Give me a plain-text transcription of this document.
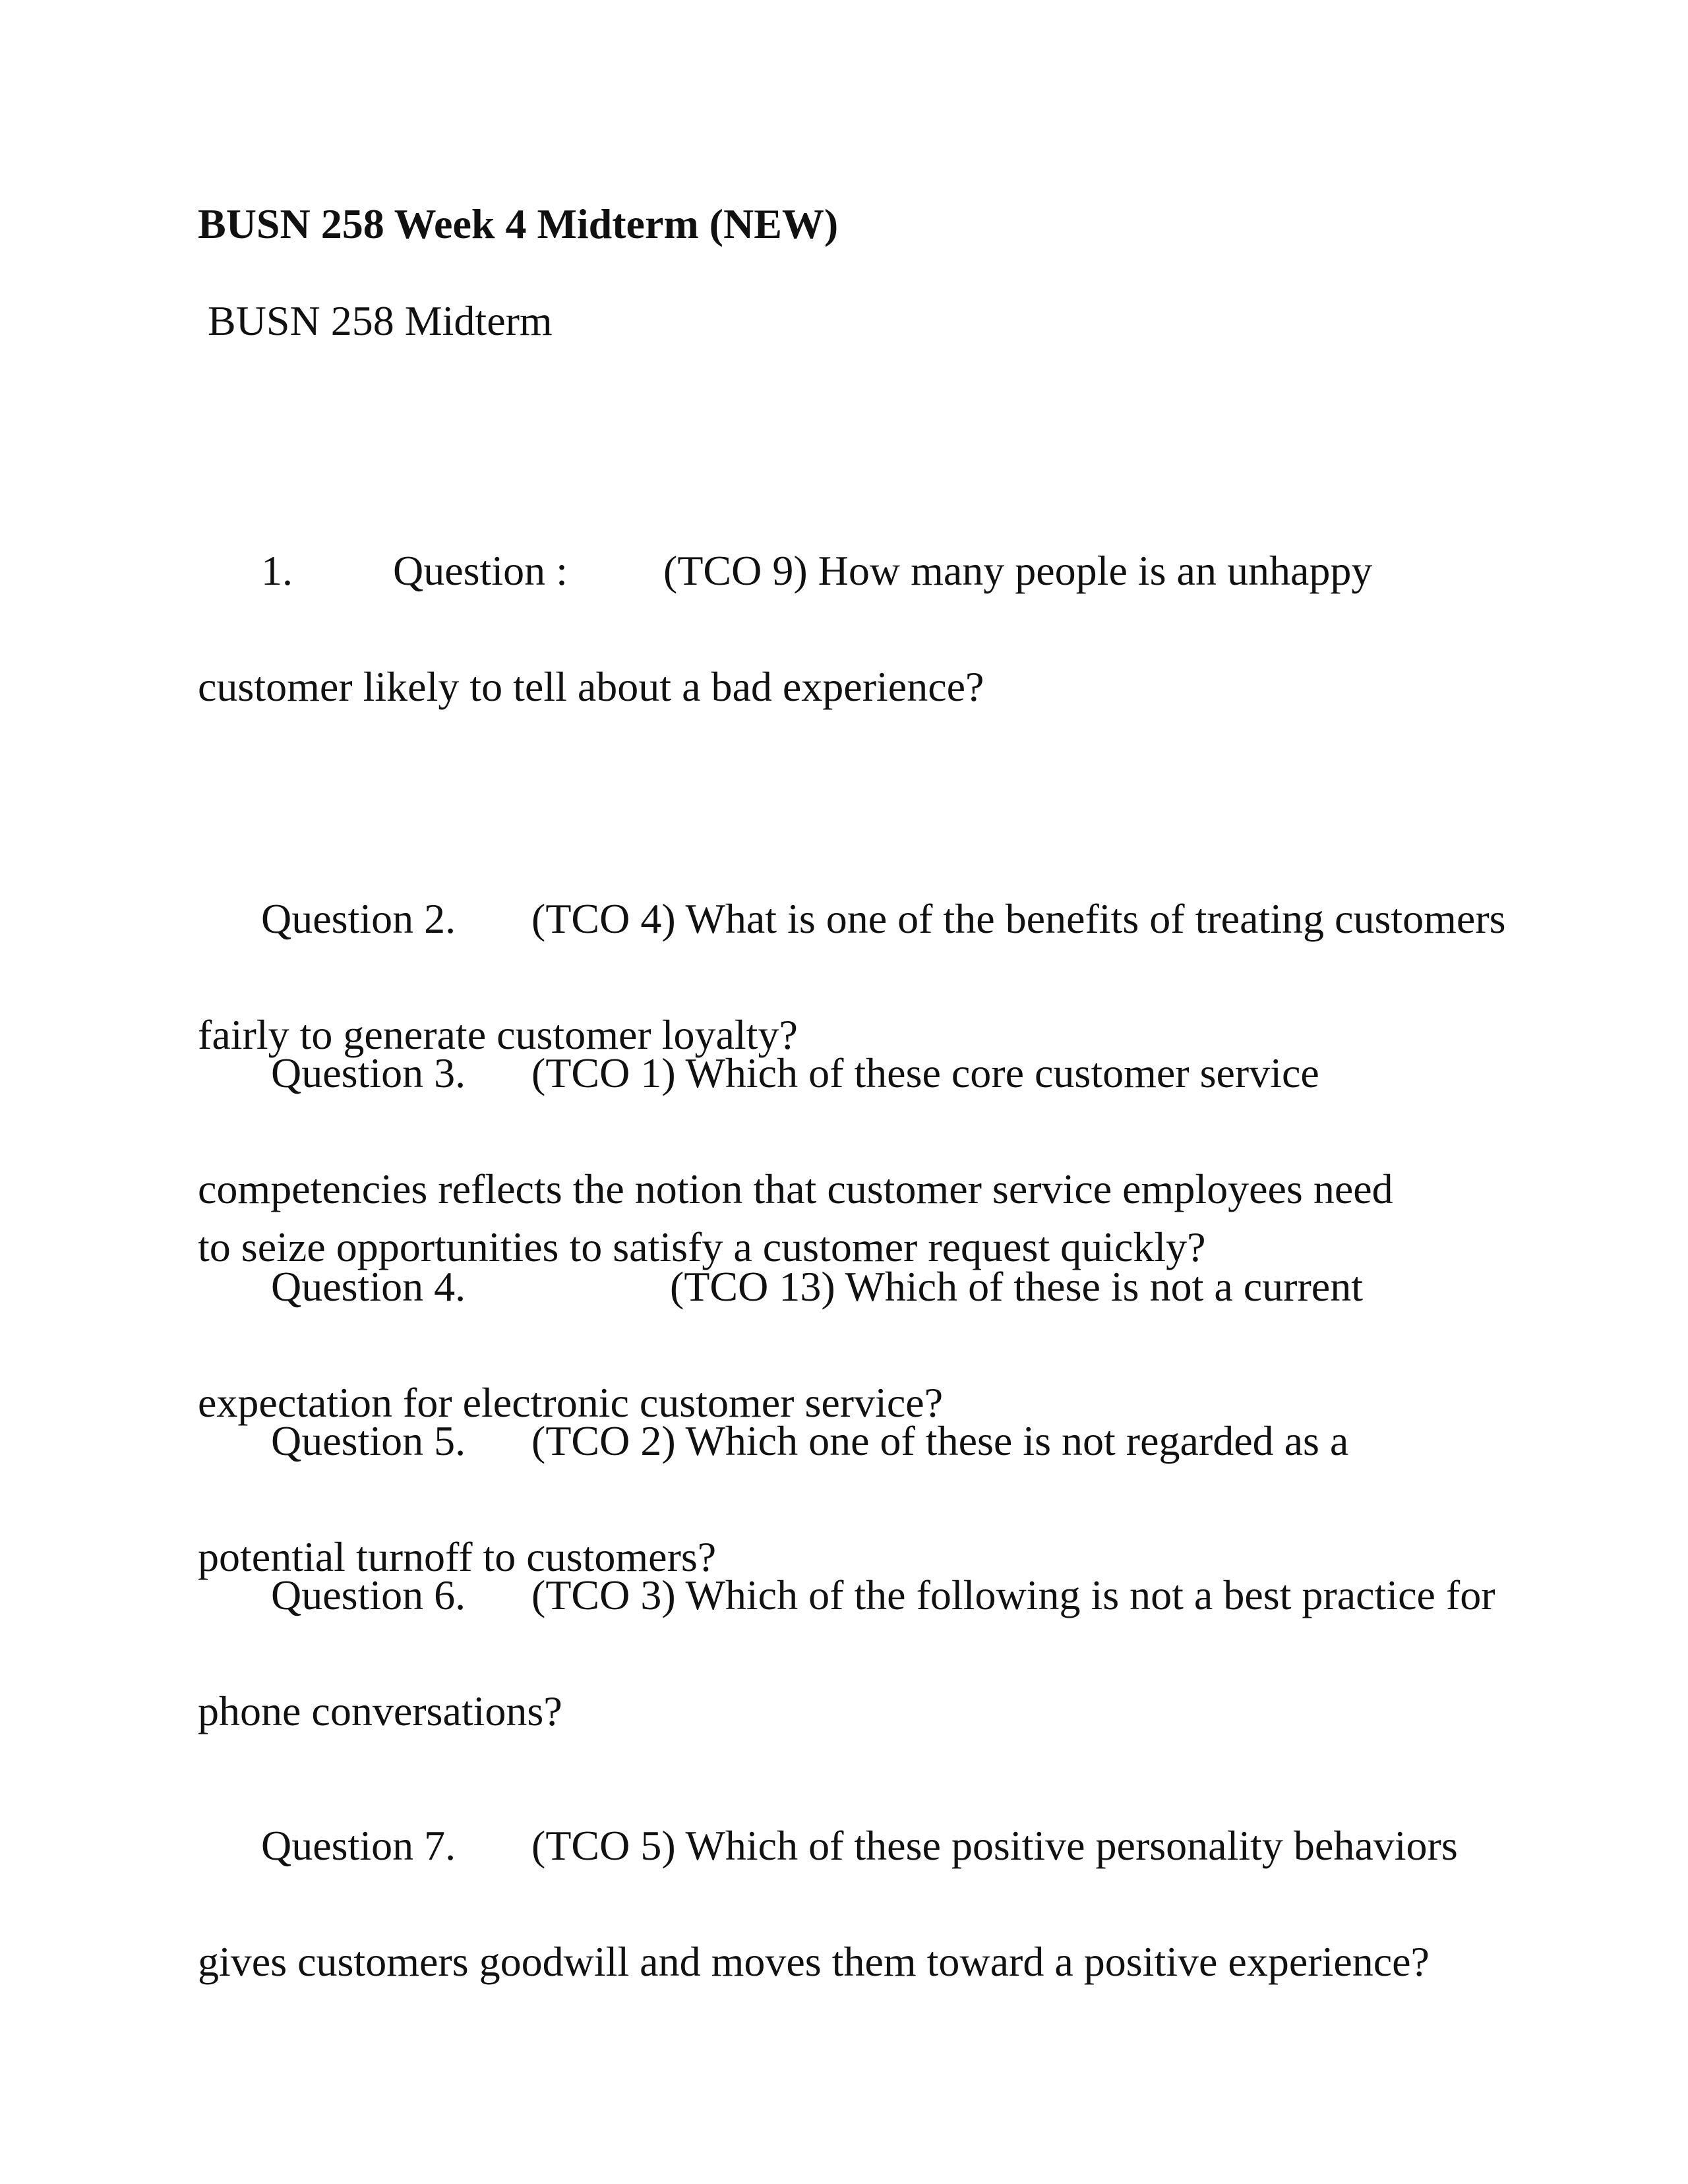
BUSN 258 Week 4 Midterm (NEW)
BUSN 258 Midterm

1. Question : (TCO 9) How many people is an unhappy

customer likely to tell about a bad experience?

Question 2. (TCO 4) What is one of the benefits of treating customers

fairly to generate customer loyalty?

Question 3. (TCO 1) Which of these core customer service

competencies reflects the notion that customer service employees need
to seize opportunities to satisfy a customer request quickly?

Question 4.	(TCO 13) Which of these is not a current

expectation for electronic customer service?

Question 5. (TCO 2) Which one of these is not regarded as a

potential turnoff to customers?

Question 6. (TCO 3) Which of the following is not a best practice for

phone conversations?

Question 7. (TCO 5) Which of these positive personality behaviors

gives customers goodwill and moves them toward a positive experience?
